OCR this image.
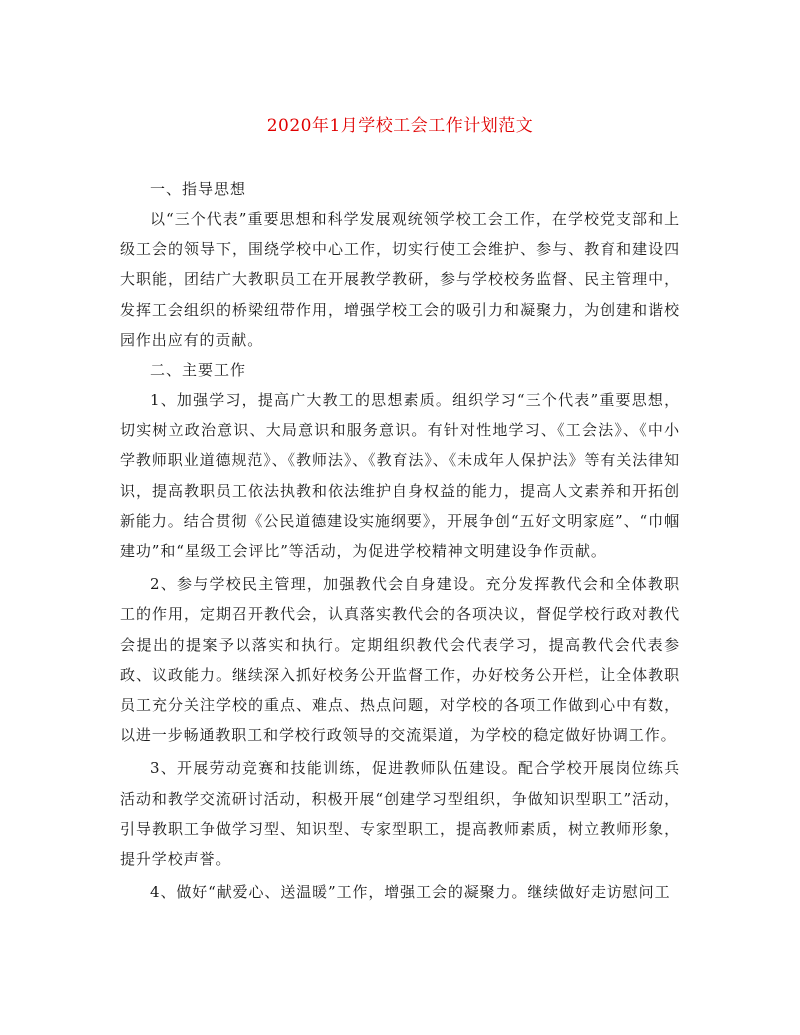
2020年1月学校工会工作计划范文

一、指导思想

以“三个代表”重要思想和科学发展观统领学校工会工作，在学校党支部和上级工会的领导下，围绕学校中心工作，切实行使工会维护、参与、教育和建设四大职能，团结广大教职员工在开展教学教研，参与学校校务监督、民主管理中，发挥工会组织的桥梁纽带作用，增强学校工会的吸引力和凝聚力，为创建和谐校园作出应有的贡献。

二、主要工作

1、加强学习，提高广大教工的思想素质。组织学习“三个代表”重要思想，切实树立政治意识、大局意识和服务意识。有针对性地学习、《工会法》、《中小学教师职业道德规范》、《教师法》、《教育法》、《未成年人保护法》等有关法律知识，提高教职员工依法执教和依法维护自身权益的能力，提高人文素养和开拓创新能力。结合贯彻《公民道德建设实施纲要》，开展争创“五好文明家庭”、“巾帼建功”和“星级工会评比”等活动，为促进学校精神文明建设争作贡献。

2、参与学校民主管理，加强教代会自身建设。充分发挥教代会和全体教职工的作用，定期召开教代会，认真落实教代会的各项决议，督促学校行政对教代会提出的提案予以落实和执行。定期组织教代会代表学习，提高教代会代表参政、议政能力。继续深入抓好校务公开监督工作，办好校务公开栏，让全体教职员工充分关注学校的重点、难点、热点问题，对学校的各项工作做到心中有数，以进一步畅通教职工和学校行政领导的交流渠道，为学校的稳定做好协调工作。

3、开展劳动竞赛和技能训练，促进教师队伍建设。配合学校开展岗位练兵活动和教学交流研讨活动，积极开展“创建学习型组织，争做知识型职工”活动，引导教职工争做学习型、知识型、专家型职工，提高教师素质，树立教师形象，提升学校声誉。

4、做好“献爱心、送温暖”工作，增强工会的凝聚力。继续做好走访慰问工
